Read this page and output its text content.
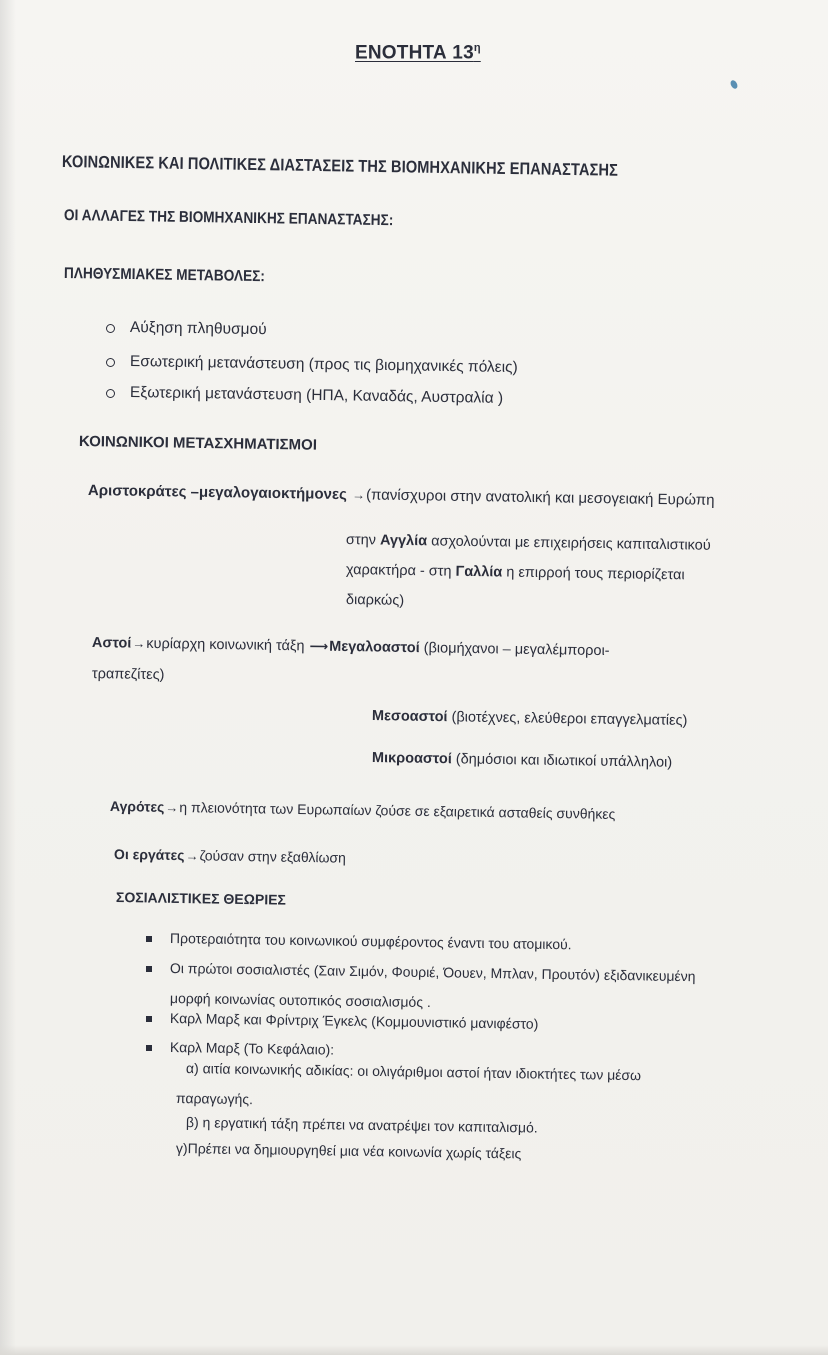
ΕΝΟΤΗΤΑ $13^\eta$
ΚΟΙΝΩΝΙΚΕΣ ΚΑΙ ΠΟΛΙΤΙΚΕΣ ΔΙΑΣΤΑΣΕΙΣ ΤΗΣ ΒΙΟΜΗΧΑΝΙΚΗΣ ΕΠΑΝΑΣΤΑΣΗΣ
ΟΙ ΑΛΛΑΓΕΣ ΤΗΣ ΒΙΟΜΗΧΑΝΙΚΗΣ ΕΠΑΝΑΣΤΑΣΗΣ:
ΠΛΗΘΥΣΜΙΑΚΕΣ ΜΕΤΑΒΟΛΕΣ:
Αύξηση πληθυσμού
Εσωτερική μετανάστευση (προς τις βιομηχανικές πόλεις)
Εξωτερική μετανάστευση (ΗΠΑ, Καναδάς, Αυστραλία )
ΚΟΙΝΩΝΙΚΟΙ ΜΕΤΑΣΧΗΜΑΤΙΣΜΟΙ
Αριστοκράτες –μεγαλογαιοκτήμονες →(πανίσχυροι στην ανατολική και μεσογειακή Ευρώπη
στην Αγγλία ασχολούνται με επιχειρήσεις καπιταλιστικού
χαρακτήρα - στη Γαλλία η επιρροή τους περιορίζεται
διαρκώς)
Αστοί→κυρίαρχη κοινωνική τάξη ⟶Μεγαλοαστοί (βιομήχανοι – μεγαλέμποροι-
τραπεζίτες)
Μεσοαστοί (βιοτέχνες, ελεύθεροι επαγγελματίες)
Μικροαστοί (δημόσιοι και ιδιωτικοί υπάλληλοι)
Αγρότες→η πλειονότητα των Ευρωπαίων ζούσε σε εξαιρετικά ασταθείς συνθήκες
Οι εργάτες→ζούσαν στην εξαθλίωση
ΣΟΣΙΑΛΙΣΤΙΚΕΣ ΘΕΩΡΙΕΣ
Προτεραιότητα του κοινωνικού συμφέροντος έναντι του ατομικού.
Οι πρώτοι σοσιαλιστές (Σαιν Σιμόν, Φουριέ, Όουεν, Μπλαν, Προυτόν) εξιδανικευμένη
μορφή κοινωνίας ουτοπικός σοσιαλισμός .
Καρλ Μαρξ και Φρίντριχ Έγκελς (Κομμουνιστικό μανιφέστο)
Καρλ Μαρξ (Το Κεφάλαιο):
α) αιτία κοινωνικής αδικίας: οι ολιγάριθμοι αστοί ήταν ιδιοκτήτες των μέσω
παραγωγής.
β) η εργατική τάξη πρέπει να ανατρέψει τον καπιταλισμό.
γ)Πρέπει να δημιουργηθεί μια νέα κοινωνία χωρίς τάξεις
